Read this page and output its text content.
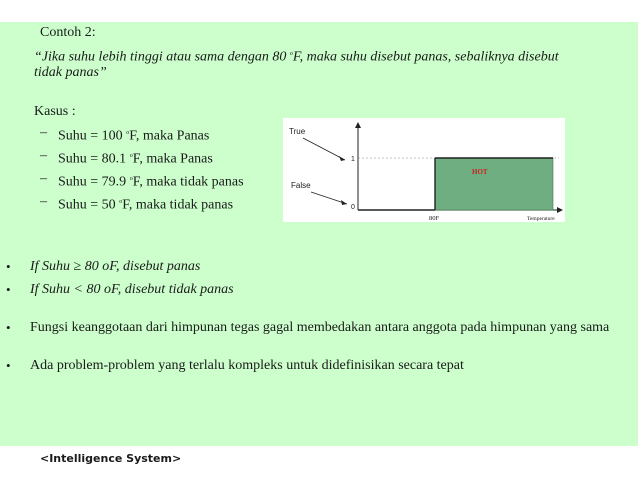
Contoh 2:
“Jika suhu lebih tinggi atau sama dengan 80 $^o$F, maka suhu disebut panas, sebaliknya disebut
tidak panas”
Kasus :
– Suhu = 100 $^o$F, maka Panas
– Suhu = 80.1 $^o$F, maka Panas
– Suhu = 79.9 $^o$F, maka tidak panas
– Suhu = 50 $^o$F, maka tidak panas
True
False
1
0
HOT
80F	Temperature
• If Suhu ≥ 80 oF, disebut panas
• If Suhu < 80 oF, disebut tidak panas
• Fungsi keanggotaan dari himpunan tegas gagal membedakan antara anggota pada himpunan yang sama
• Ada problem-problem yang terlalu kompleks untuk didefinisikan secara tepat
<Intelligence System>
